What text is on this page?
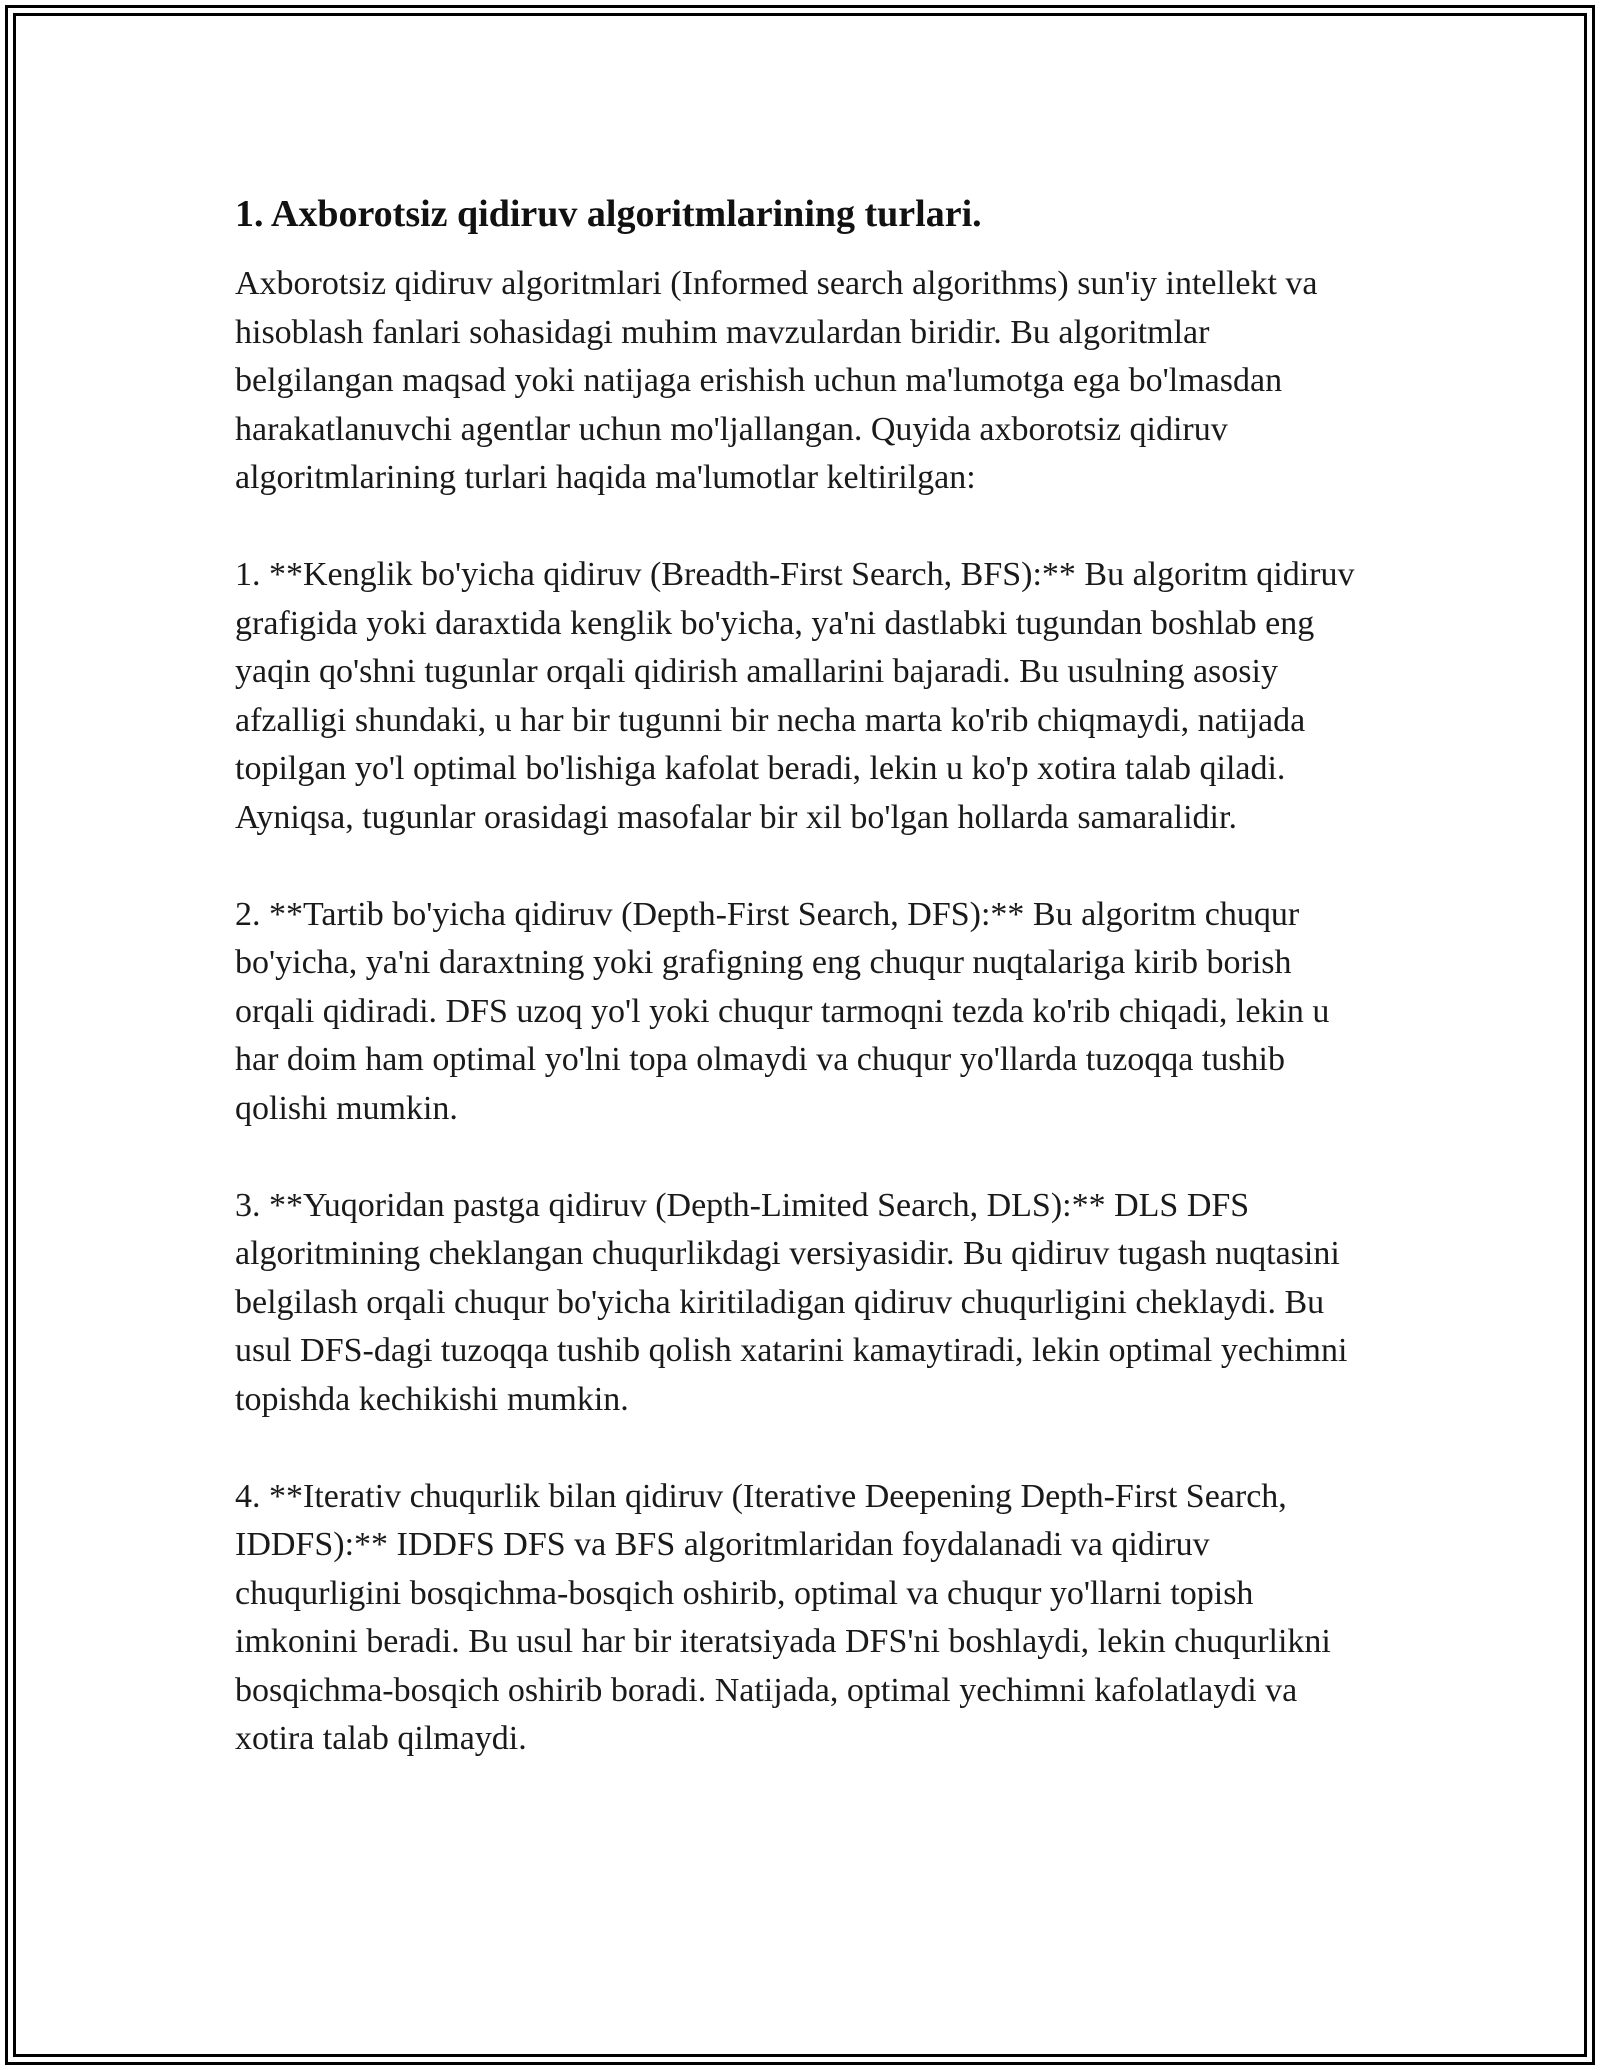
1. Axborotsiz qidiruv algoritmlarining turlari.

Axborotsiz qidiruv algoritmlari (Informed search algorithms) sun'iy intellekt va hisoblash fanlari sohasidagi muhim mavzulardan biridir. Bu algoritmlar belgilangan maqsad yoki natijaga erishish uchun ma'lumotga ega bo'lmasdan harakatlanuvchi agentlar uchun mo'ljallangan. Quyida axborotsiz qidiruv algoritmlarining turlari haqida ma'lumotlar keltirilgan:

1. **Kenglik bo'yicha qidiruv (Breadth-First Search, BFS):** Bu algoritm qidiruv grafigida yoki daraxtida kenglik bo'yicha, ya'ni dastlabki tugundan boshlab eng yaqin qo'shni tugunlar orqali qidirish amallarini bajaradi. Bu usulning asosiy afzalligi shundaki, u har bir tugunni bir necha marta ko'rib chiqmaydi, natijada topilgan yo'l optimal bo'lishiga kafolat beradi, lekin u ko'p xotira talab qiladi. Ayniqsa, tugunlar orasidagi masofalar bir xil bo'lgan hollarda samaralidir.

2. **Tartib bo'yicha qidiruv (Depth-First Search, DFS):** Bu algoritm chuqur bo'yicha, ya'ni daraxtning yoki grafigning eng chuqur nuqtalariga kirib borish orqali qidiradi. DFS uzoq yo'l yoki chuqur tarmoqni tezda ko'rib chiqadi, lekin u har doim ham optimal yo'lni topa olmaydi va chuqur yo'llarda tuzoqqa tushib qolishi mumkin.

3. **Yuqoridan pastga qidiruv (Depth-Limited Search, DLS):** DLS DFS algoritmining cheklangan chuqurlikdagi versiyasidir. Bu qidiruv tugash nuqtasini belgilash orqali chuqur bo'yicha kiritiladigan qidiruv chuqurligini cheklaydi. Bu usul DFS-dagi tuzoqqa tushib qolish xatarini kamaytiradi, lekin optimal yechimni topishda kechikishi mumkin.

4. **Iterativ chuqurlik bilan qidiruv (Iterative Deepening Depth-First Search, IDDFS):** IDDFS DFS va BFS algoritmlaridan foydalanadi va qidiruv chuqurligini bosqichma-bosqich oshirib, optimal va chuqur yo'llarni topish imkonini beradi. Bu usul har bir iteratsiyada DFS'ni boshlaydi, lekin chuqurlikni bosqichma-bosqich oshirib boradi. Natijada, optimal yechimni kafolatlaydi va xotira talab qilmaydi.
